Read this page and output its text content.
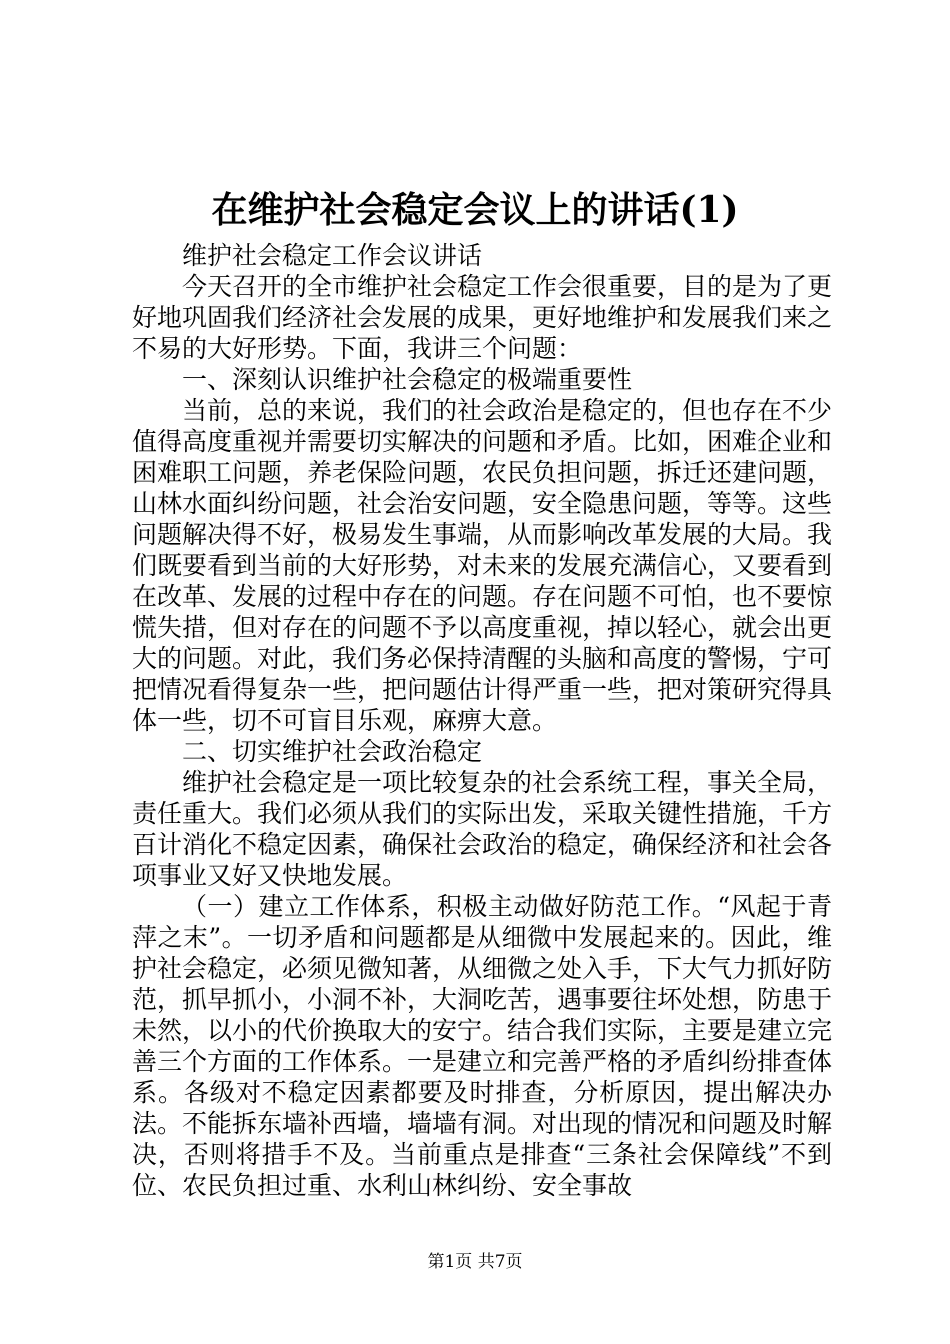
在维护社会稳定会议上的讲话(1)

维护社会稳定工作会议讲话

今天召开的全市维护社会稳定工作会很重要，目的是为了更好地巩固我们经济社会发展的成果，更好地维护和发展我们来之不易的大好形势。下面，我讲三个问题：

一、深刻认识维护社会稳定的极端重要性

当前，总的来说，我们的社会政治是稳定的，但也存在不少值得高度重视并需要切实解决的问题和矛盾。比如，困难企业和困难职工问题，养老保险问题，农民负担问题，拆迁还建问题，山林水面纠纷问题，社会治安问题，安全隐患问题，等等。这些问题解决得不好，极易发生事端，从而影响改革发展的大局。我们既要看到当前的大好形势，对未来的发展充满信心，又要看到在改革、发展的过程中存在的问题。存在问题不可怕，也不要惊慌失措，但对存在的问题不予以高度重视，掉以轻心，就会出更大的问题。对此，我们务必保持清醒的头脑和高度的警惕，宁可把情况看得复杂一些，把问题估计得严重一些，把对策研究得具体一些，切不可盲目乐观，麻痹大意。

二、切实维护社会政治稳定

维护社会稳定是一项比较复杂的社会系统工程，事关全局，责任重大。我们必须从我们的实际出发，采取关键性措施，千方百计消化不稳定因素，确保社会政治的稳定，确保经济和社会各项事业又好又快地发展。

（一）建立工作体系，积极主动做好防范工作。“风起于青萍之末”。一切矛盾和问题都是从细微中发展起来的。因此，维护社会稳定，必须见微知著，从细微之处入手，下大气力抓好防范，抓早抓小，小洞不补，大洞吃苦，遇事要往坏处想，防患于未然，以小的代价换取大的安宁。结合我们实际，主要是建立完善三个方面的工作体系。一是建立和完善严格的矛盾纠纷排查体系。各级对不稳定因素都要及时排查，分析原因，提出解决办法。不能拆东墙补西墙，墙墙有洞。对出现的情况和问题及时解决，否则将措手不及。当前重点是排查“三条社会保障线”不到位、农民负担过重、水利山林纠纷、安全事故

第1页 共7页
